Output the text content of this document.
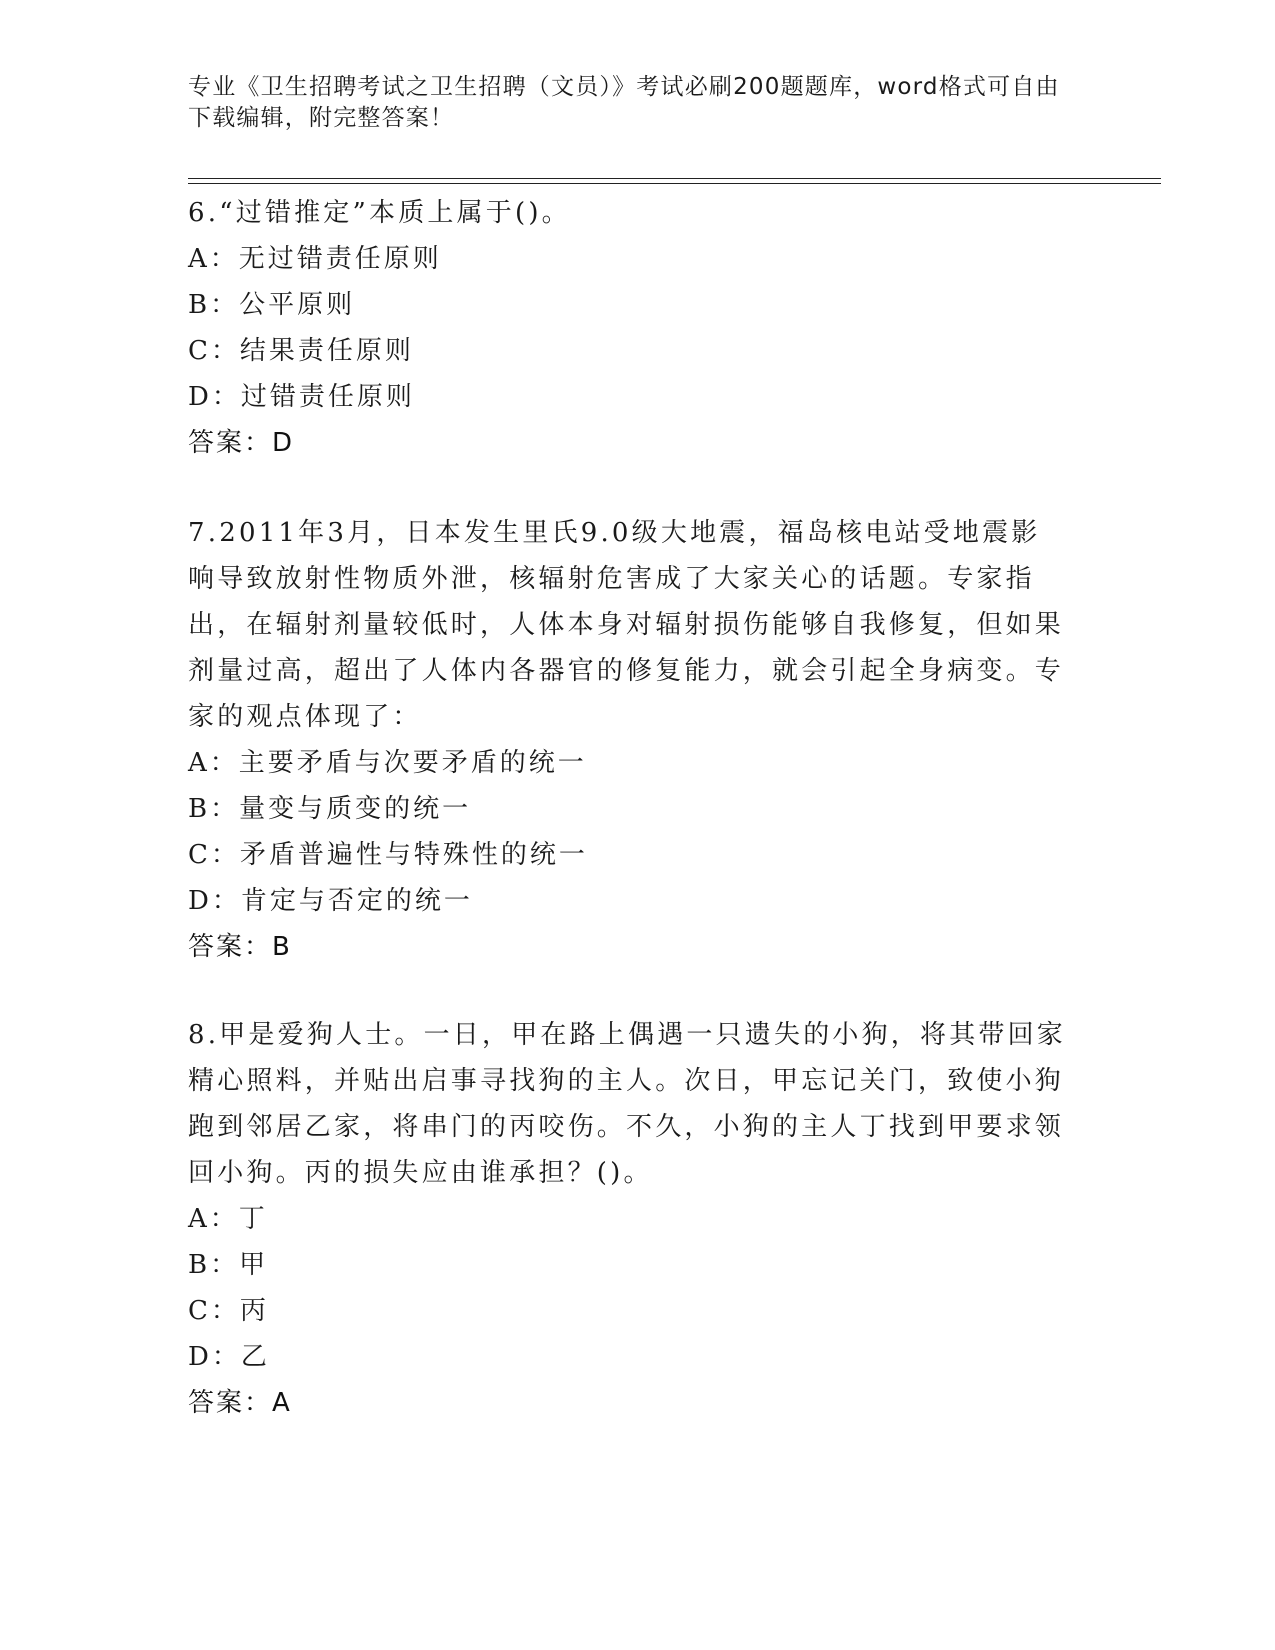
专业《卫生招聘考试之卫生招聘（文员）》考试必刷200题题库，word格式可自由下载编辑，附完整答案！
6.“过错推定”本质上属于()。
A：无过错责任原则
B：公平原则
C：结果责任原则
D：过错责任原则
答案：D
7.2011年3月，日本发生里氏9.0级大地震，福岛核电站受地震影响导致放射性物质外泄，核辐射危害成了大家关心的话题。专家指出，在辐射剂量较低时，人体本身对辐射损伤能够自我修复，但如果剂量过高，超出了人体内各器官的修复能力，就会引起全身病变。专家的观点体现了：
A：主要矛盾与次要矛盾的统一
B：量变与质变的统一
C：矛盾普遍性与特殊性的统一
D：肯定与否定的统一
答案：B
8.甲是爱狗人士。一日，甲在路上偶遇一只遗失的小狗，将其带回家精心照料，并贴出启事寻找狗的主人。次日，甲忘记关门，致使小狗跑到邻居乙家，将串门的丙咬伤。不久，小狗的主人丁找到甲要求领回小狗。丙的损失应由谁承担？()。
A：丁
B：甲
C：丙
D：乙
答案：A
